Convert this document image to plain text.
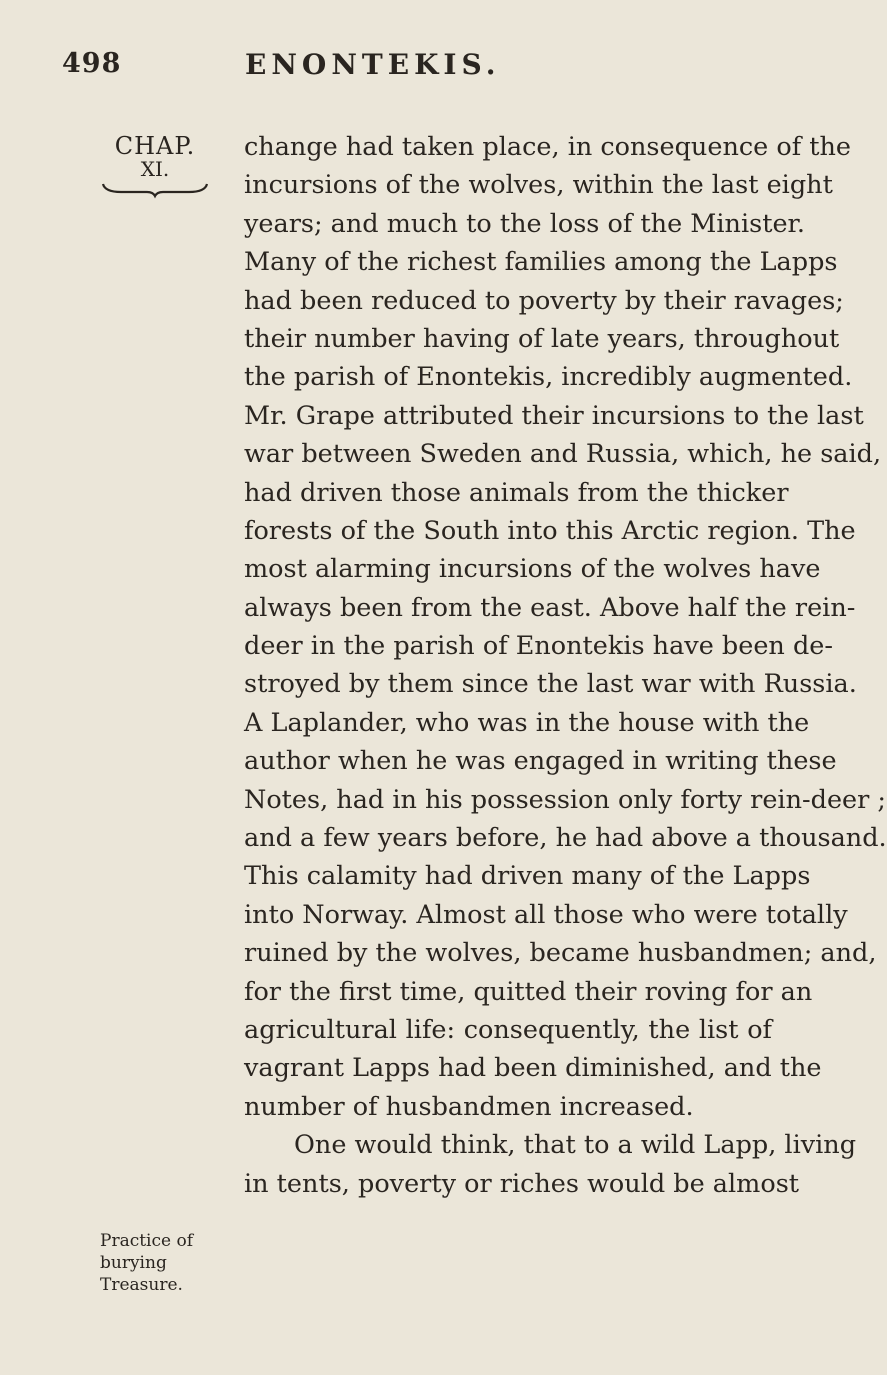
498	ENONTEKIS.
CHAP.
XI.
change had taken place, in consequence of the
incursions of the wolves, within the last eight
years; and much to the loss of the Minister.
Many of the richest families among the Lapps
had been reduced to poverty by their ravages;
their number having of late years, throughout
the parish of Enontekis, incredibly augmented.
Mr. Grape attributed their incursions to the last
war between Sweden and Russia, which, he said,
had driven those animals from the thicker
forests of the South into this Arctic region. The
most alarming incursions of the wolves have
always been from the east. Above half the rein-
deer in the parish of Enontekis have been de-
stroyed by them since the last war with Russia.
A Laplander, who was in the house with the
author when he was engaged in writing these
Notes, had in his possession only forty rein-deer ;
and a few years before, he had above a thousand.
This calamity had driven many of the Lapps
into Norway. Almost all those who were totally
ruined by the wolves, became husbandmen; and,
for the first time, quitted their roving for an
agricultural life: consequently, the list of
vagrant Lapps had been diminished, and the
number of husbandmen increased.
One would think, that to a wild Lapp, living
in tents, poverty or riches would be almost
Practice of
burying
Treasure.
